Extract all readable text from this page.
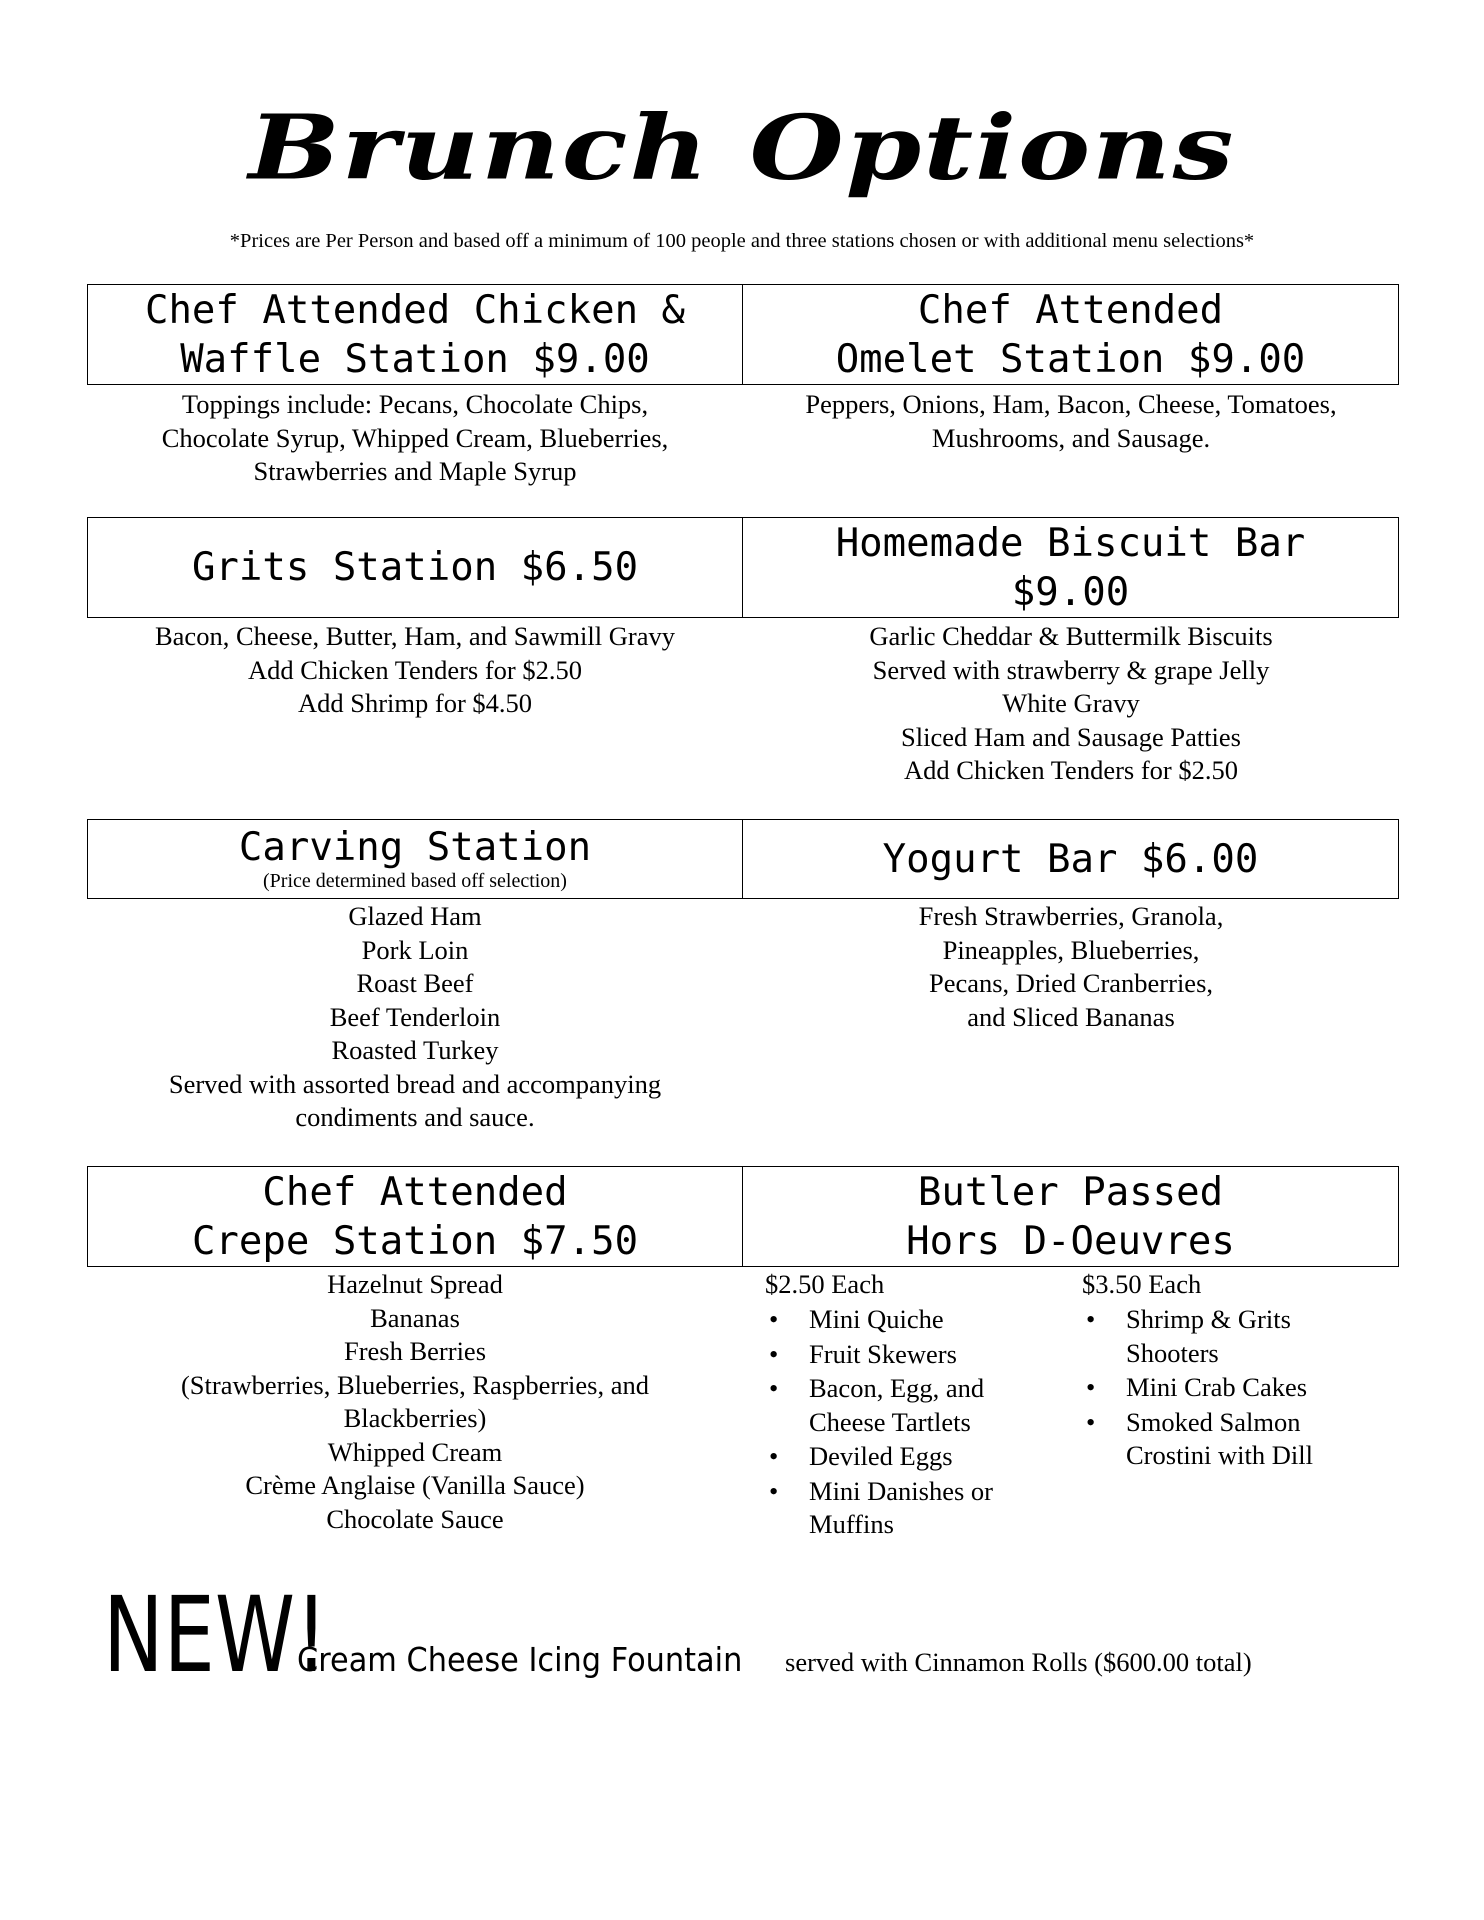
Brunch Options
*Prices are Per Person and based off a minimum of 100 people and three stations chosen or with additional menu selections*
Chef Attended Chicken &
Waffle Station $9.00
Chef Attended
Omelet Station $9.00
Toppings include: Pecans, Chocolate Chips,
Chocolate Syrup, Whipped Cream, Blueberries,
Strawberries and Maple Syrup
Peppers, Onions, Ham, Bacon, Cheese, Tomatoes,
Mushrooms, and Sausage.
Grits Station $6.50
Homemade Biscuit Bar
$9.00
Bacon, Cheese, Butter, Ham, and Sawmill Gravy
Add Chicken Tenders for $2.50
Add Shrimp for $4.50
Garlic Cheddar & Buttermilk Biscuits
Served with strawberry & grape Jelly
White Gravy
Sliced Ham and Sausage Patties
Add Chicken Tenders for $2.50
Carving Station
(Price determined based off selection)	Yogurt Bar $6.00
Glazed Ham
Pork Loin
Roast Beef
Beef Tenderloin
Roasted Turkey
Served with assorted bread and accompanying
condiments and sauce.
Fresh Strawberries, Granola,
Pineapples, Blueberries,
Pecans, Dried Cranberries,
and Sliced Bananas
Chef Attended
Crepe Station $7.50
Butler Passed
Hors D-Oeuvres
Hazelnut Spread
Bananas
Fresh Berries
(Strawberries, Blueberries, Raspberries, and
Blackberries)
Whipped Cream
Crème Anglaise (Vanilla Sauce)
Chocolate Sauce
$2.50 Each
• Mini Quiche
• Fruit Skewers
• Bacon, Egg, and
Cheese Tartlets
• Deviled Eggs
• Mini Danishes or
Muffins
$3.50 Each
• Shrimp & Grits
Shooters
• Mini Crab Cakes
• Smoked Salmon
Crostini with Dill
NEW!
Cream Cheese Icing Fountain served with Cinnamon Rolls ($600.00 total)
